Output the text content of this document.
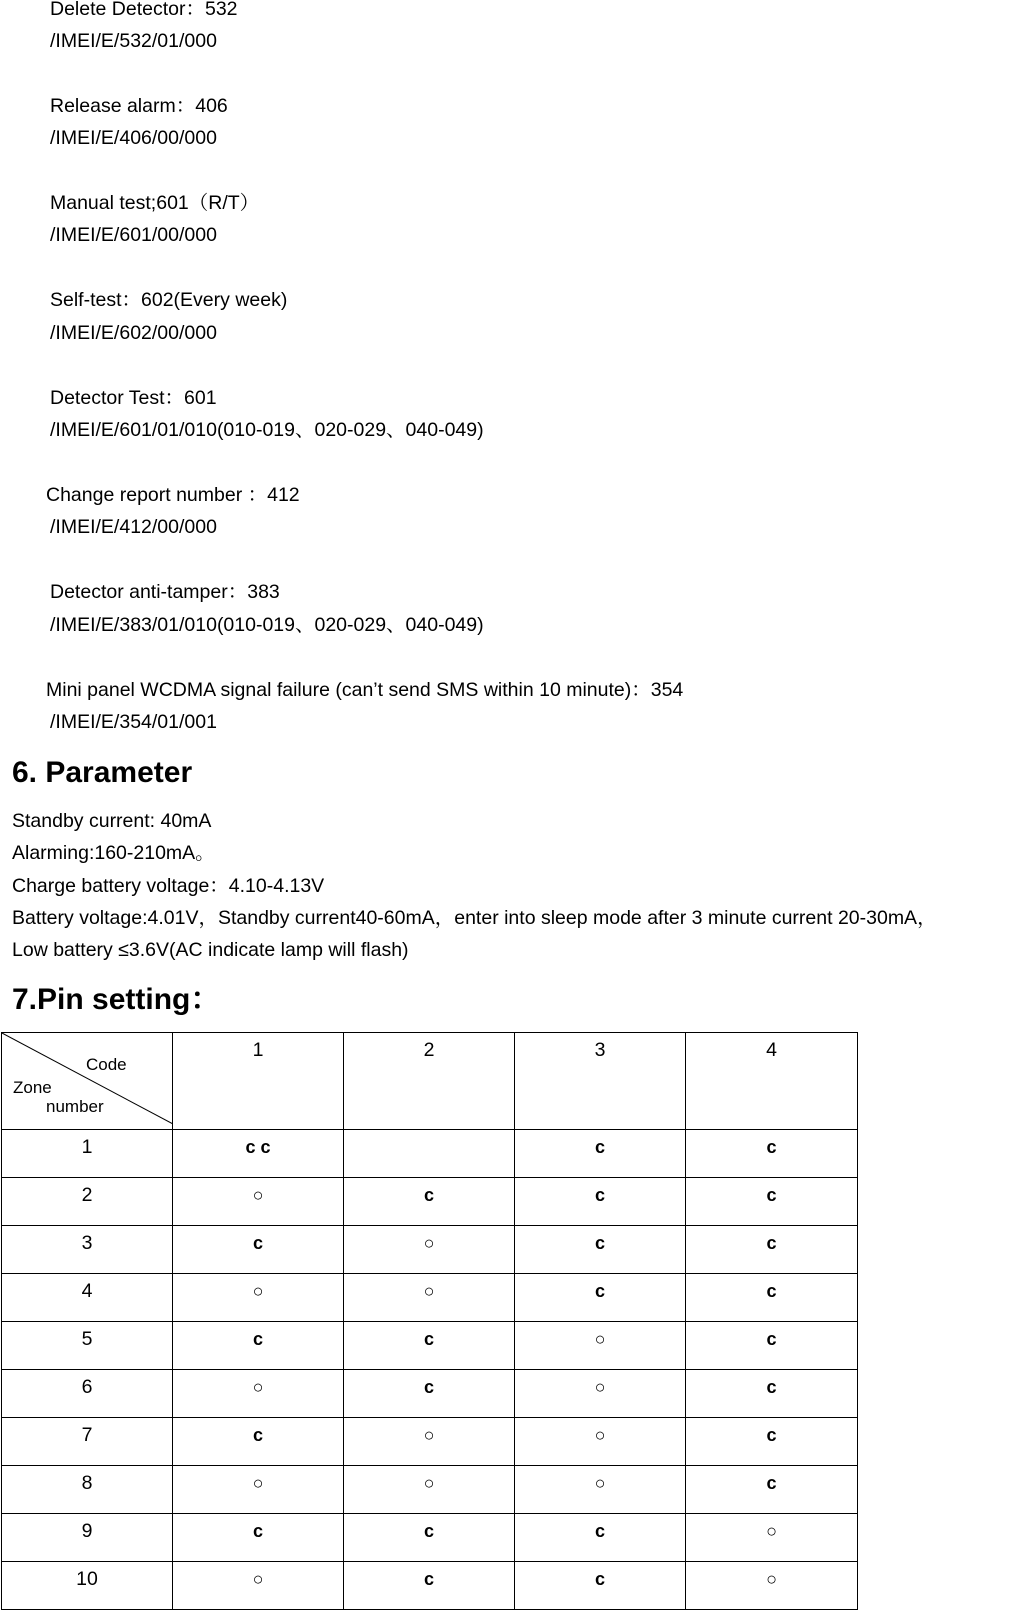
Delete Detector：532
/IMEI/E/532/01/000
Release alarm：406
/IMEI/E/406/00/000
Manual test;601（R/T）
/IMEI/E/601/00/000
Self-test：602(Every week)
/IMEI/E/602/00/000
Detector Test：601
/IMEI/E/601/01/010(010-019、020-029、040-049)
Change report number ：412
/IMEI/E/412/00/000
Detector anti-tamper：383
/IMEI/E/383/01/010(010-019、020-029、040-049)
Mini panel WCDMA signal failure (can’t send SMS within 10 minute)：354
/IMEI/E/354/01/001
6. Parameter
Standby current: 40mA
Alarming:160-210mA。
Charge battery voltage：4.10-4.13V
Battery voltage:4.01V，Standby current40-60mA，enter into sleep mode after 3 minute current 20-30mA，
Low battery ≤3.6V(AC indicate lamp will flash)
7.Pin setting：
Code
Zone
number	1	2	3	4
1	c c		c	c
2	○	c	c	c
3	c	○	c	c
4	○	○	c	c
5	c	c	○	c
6	○	c	○	c
7	c	○	○	c
8	○	○	○	c
9	c	c	c	○
10	○	c	c	○
